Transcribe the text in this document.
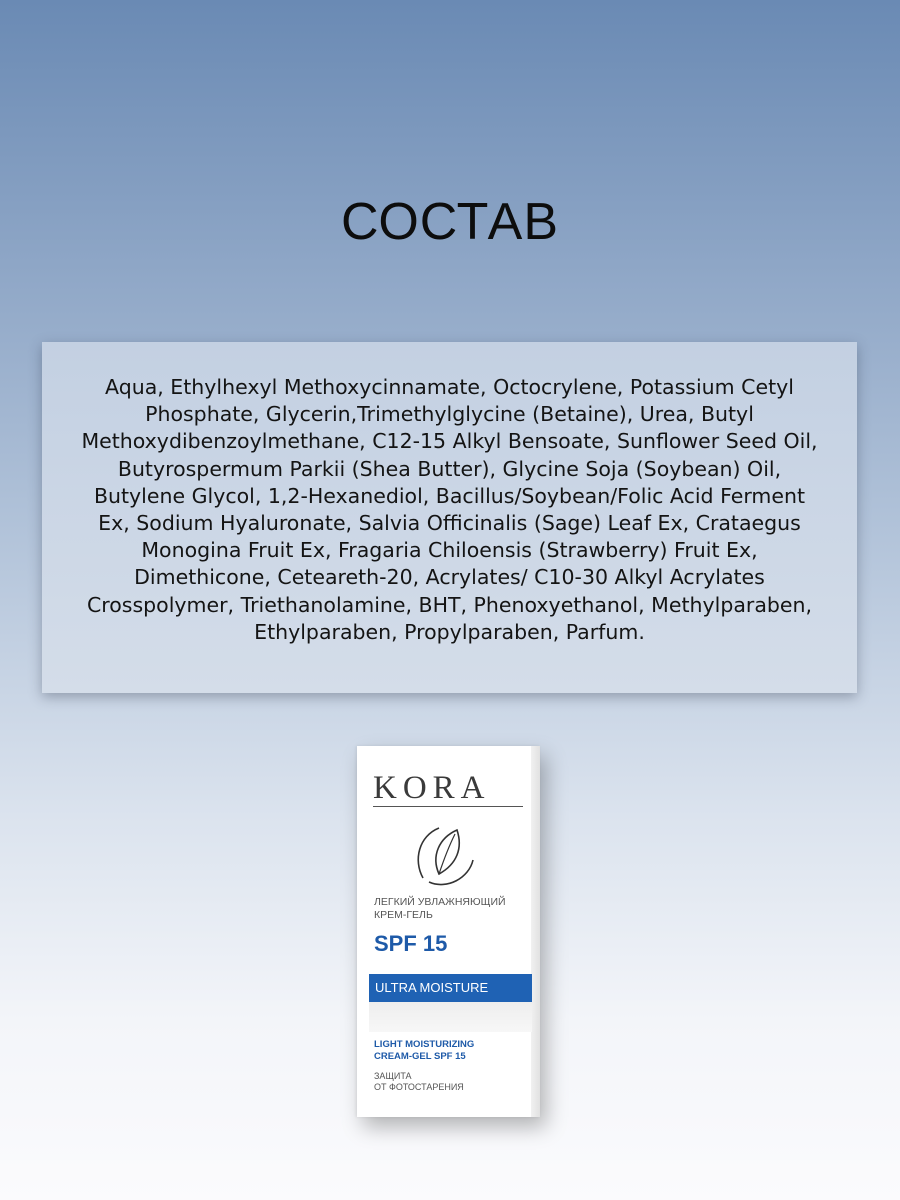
СОСТАВ

Aqua, Ethylhexyl Methoxycinnamate, Octocrylene, Potassium Cetyl Phosphate, Glycerin,Trimethylglycine (Betaine), Urea, Butyl Methoxydibenzoylmethane, C12-15 Alkyl Bensoate, Sunflower Seed Oil, Butyrospermum Parkii (Shea Butter), Glycine Soja (Soybean) Oil, Butylene Glycol, 1,2-Hexanediol, Bacillus/Soybean/Folic Acid Ferment Ex, Sodium Hyaluronate, Salvia Officinalis (Sage) Leaf Ex, Crataegus Monogina Fruit Ex, Fragaria Chiloensis (Strawberry) Fruit Ex, Dimethicone, Ceteareth-20, Acrylates/ C10-30 Alkyl Acrylates Crosspolymer, Triethanolamine, BHT, Phenoxyethanol, Methylparaben, Ethylparaben, Propylparaben, Parfum.

KORA
ЛЕГКИЙ УВЛАЖНЯЮЩИЙ
КРЕМ-ГЕЛЬ
SPF 15
ULTRA MOISTURE
LIGHT MOISTURIZING
CREAM-GEL SPF 15
ЗАЩИТА
ОТ ФОТОСТАРЕНИЯ
